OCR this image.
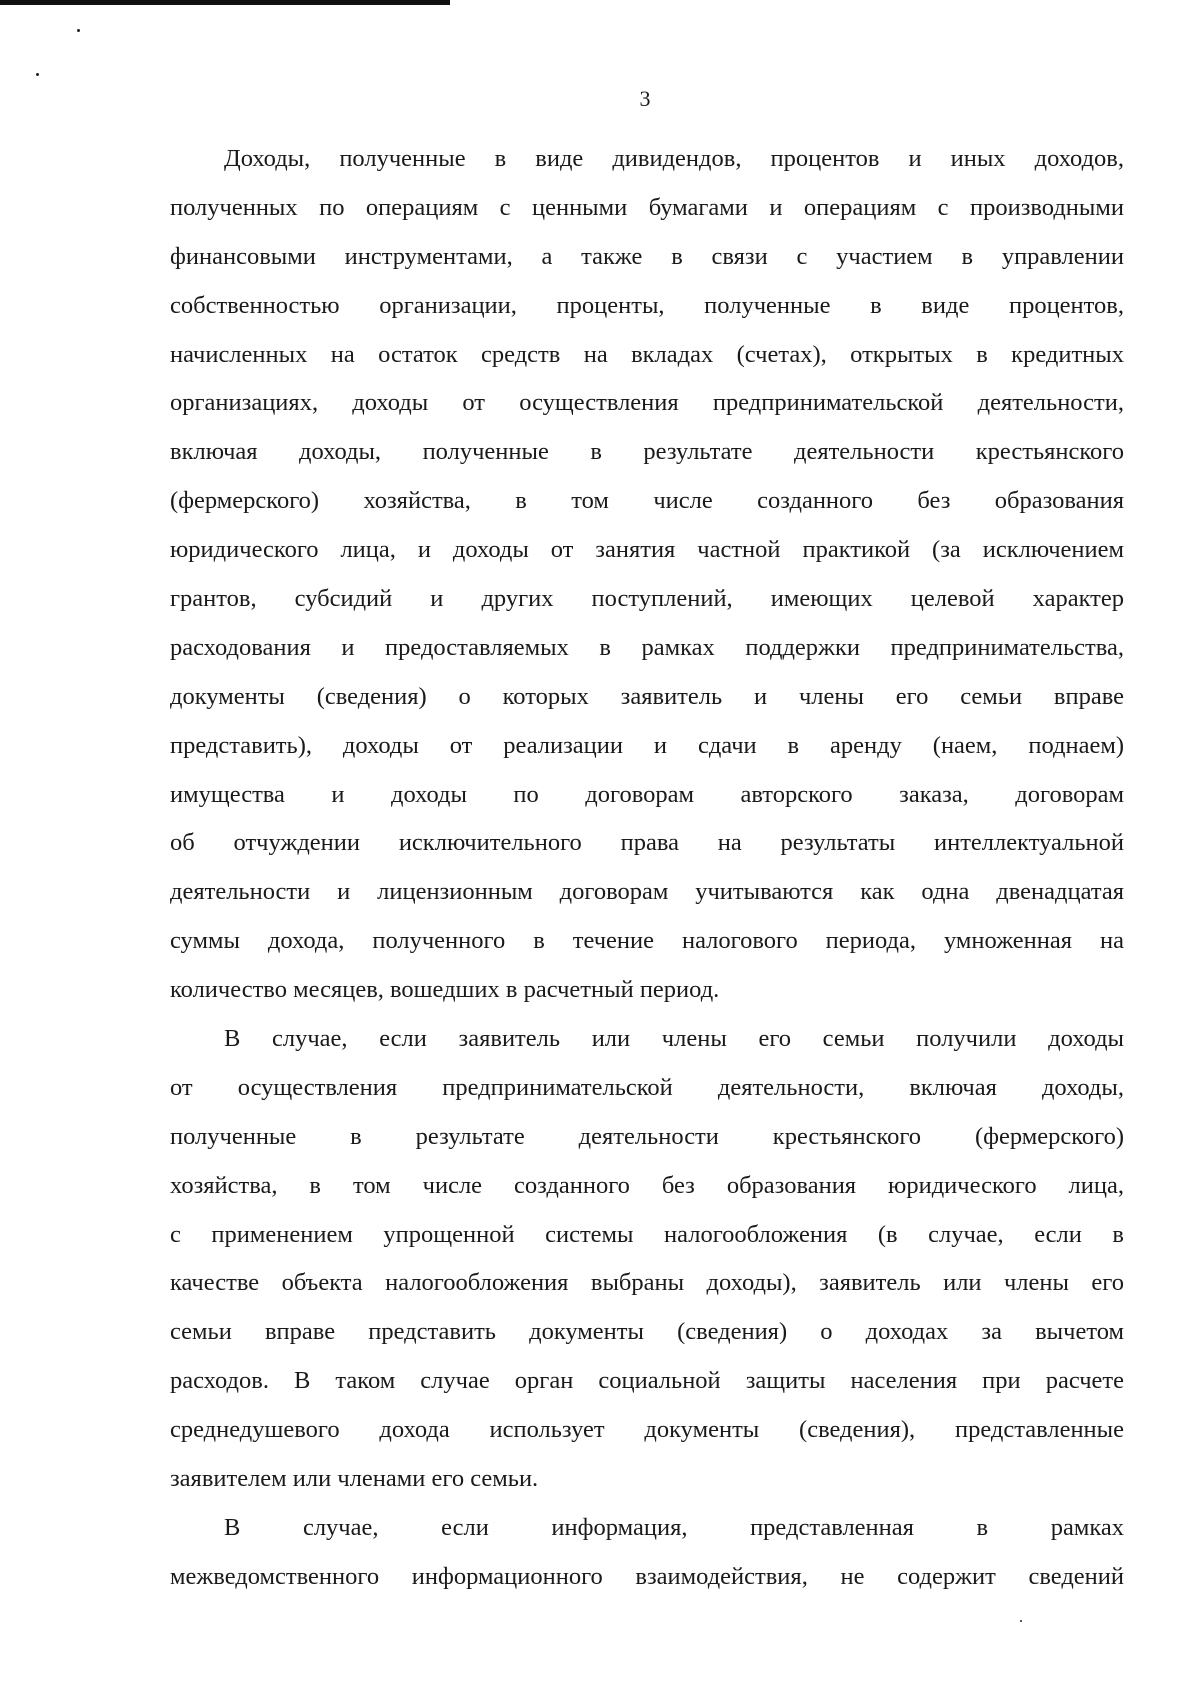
3
Доходы, полученные в виде дивидендов, процентов и иных доходов,
полученных по операциям с ценными бумагами и операциям с производными
финансовыми инструментами, а также в связи с участием в управлении
собственностью организации, проценты, полученные в виде процентов,
начисленных на остаток средств на вкладах (счетах), открытых в кредитных
организациях, доходы от осуществления предпринимательской деятельности,
включая доходы, полученные в результате деятельности крестьянского
(фермерского) хозяйства, в том числе созданного без образования
юридического лица, и доходы от занятия частной практикой (за исключением
грантов, субсидий и других поступлений, имеющих целевой характер
расходования и предоставляемых в рамках поддержки предпринимательства,
документы (сведения) о которых заявитель и члены его семьи вправе
представить), доходы от реализации и сдачи в аренду (наем, поднаем)
имущества и доходы по договорам авторского заказа, договорам
об отчуждении исключительного права на результаты интеллектуальной
деятельности и лицензионным договорам учитываются как одна двенадцатая
суммы дохода, полученного в течение налогового периода, умноженная на
количество месяцев, вошедших в расчетный период.
В случае, если заявитель или члены его семьи получили доходы
от осуществления предпринимательской деятельности, включая доходы,
полученные в результате деятельности крестьянского (фермерского)
хозяйства, в том числе созданного без образования юридического лица,
с применением упрощенной системы налогообложения (в случае, если в
качестве объекта налогообложения выбраны доходы), заявитель или члены его
семьи вправе представить документы (сведения) о доходах за вычетом
расходов. В таком случае орган социальной защиты населения при расчете
среднедушевого дохода использует документы (сведения), представленные
заявителем или членами его семьи.
В случае, если информация, представленная в рамках
межведомственного информационного взаимодействия, не содержит сведений
